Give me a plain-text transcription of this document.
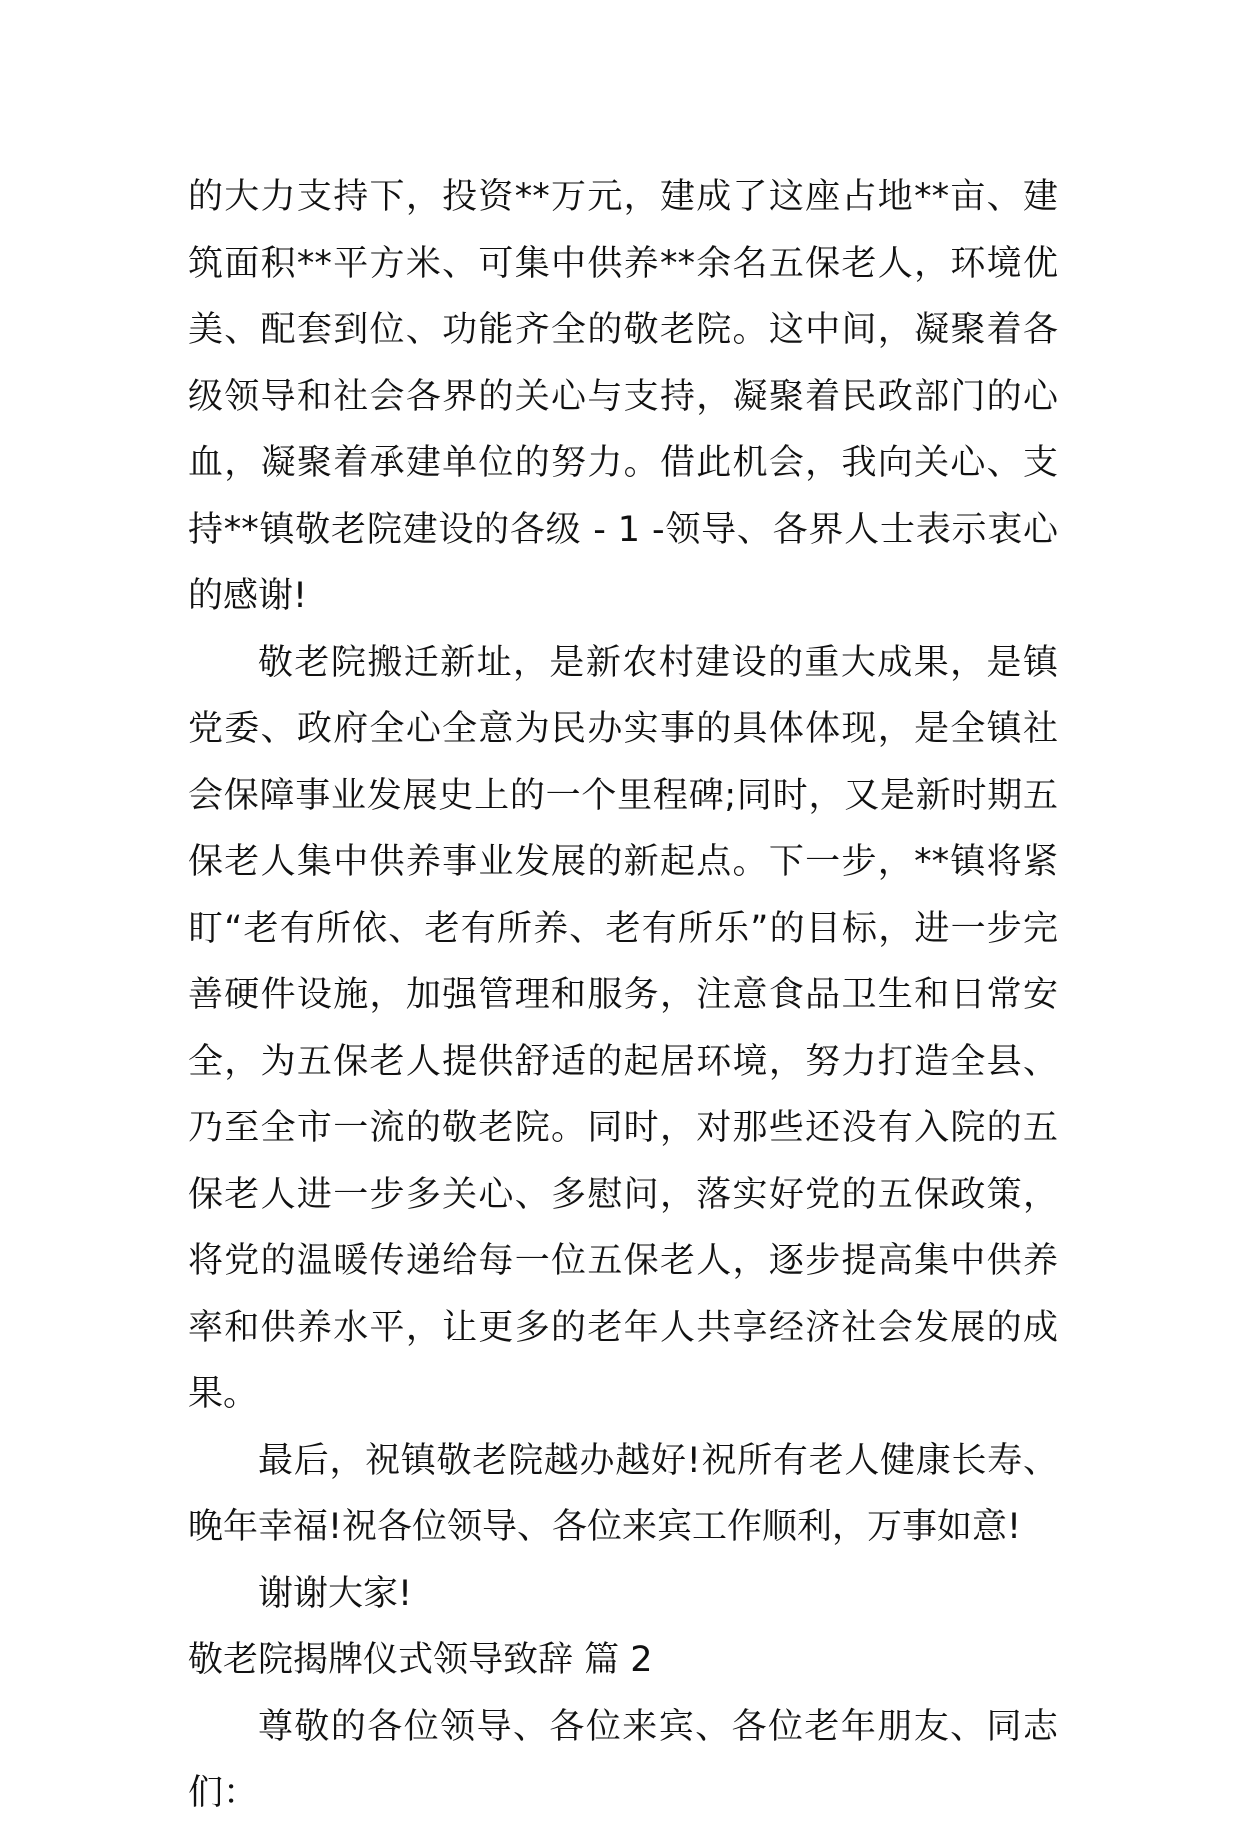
的大力支持下，投资**万元，建成了这座占地**亩、建筑面积**平方米、可集中供养**余名五保老人，环境优美、配套到位、功能齐全的敬老院。这中间，凝聚着各级领导和社会各界的关心与支持，凝聚着民政部门的心血，凝聚着承建单位的努力。借此机会，我向关心、支持**镇敬老院建设的各级 - 1 -领导、各界人士表示衷心的感谢!

敬老院搬迁新址，是新农村建设的重大成果，是镇党委、政府全心全意为民办实事的具体体现，是全镇社会保障事业发展史上的一个里程碑;同时，又是新时期五保老人集中供养事业发展的新起点。下一步，**镇将紧盯“老有所依、老有所养、老有所乐”的目标，进一步完善硬件设施，加强管理和服务，注意食品卫生和日常安全，为五保老人提供舒适的起居环境，努力打造全县、乃至全市一流的敬老院。同时，对那些还没有入院的五保老人进一步多关心、多慰问，落实好党的五保政策，将党的温暖传递给每一位五保老人，逐步提高集中供养率和供养水平，让更多的老年人共享经济社会发展的成果。

最后，祝镇敬老院越办越好!祝所有老人健康长寿、晚年幸福!祝各位领导、各位来宾工作顺利，万事如意!

谢谢大家!

敬老院揭牌仪式领导致辞 篇 2

尊敬的各位领导、各位来宾、各位老年朋友、同志们：
